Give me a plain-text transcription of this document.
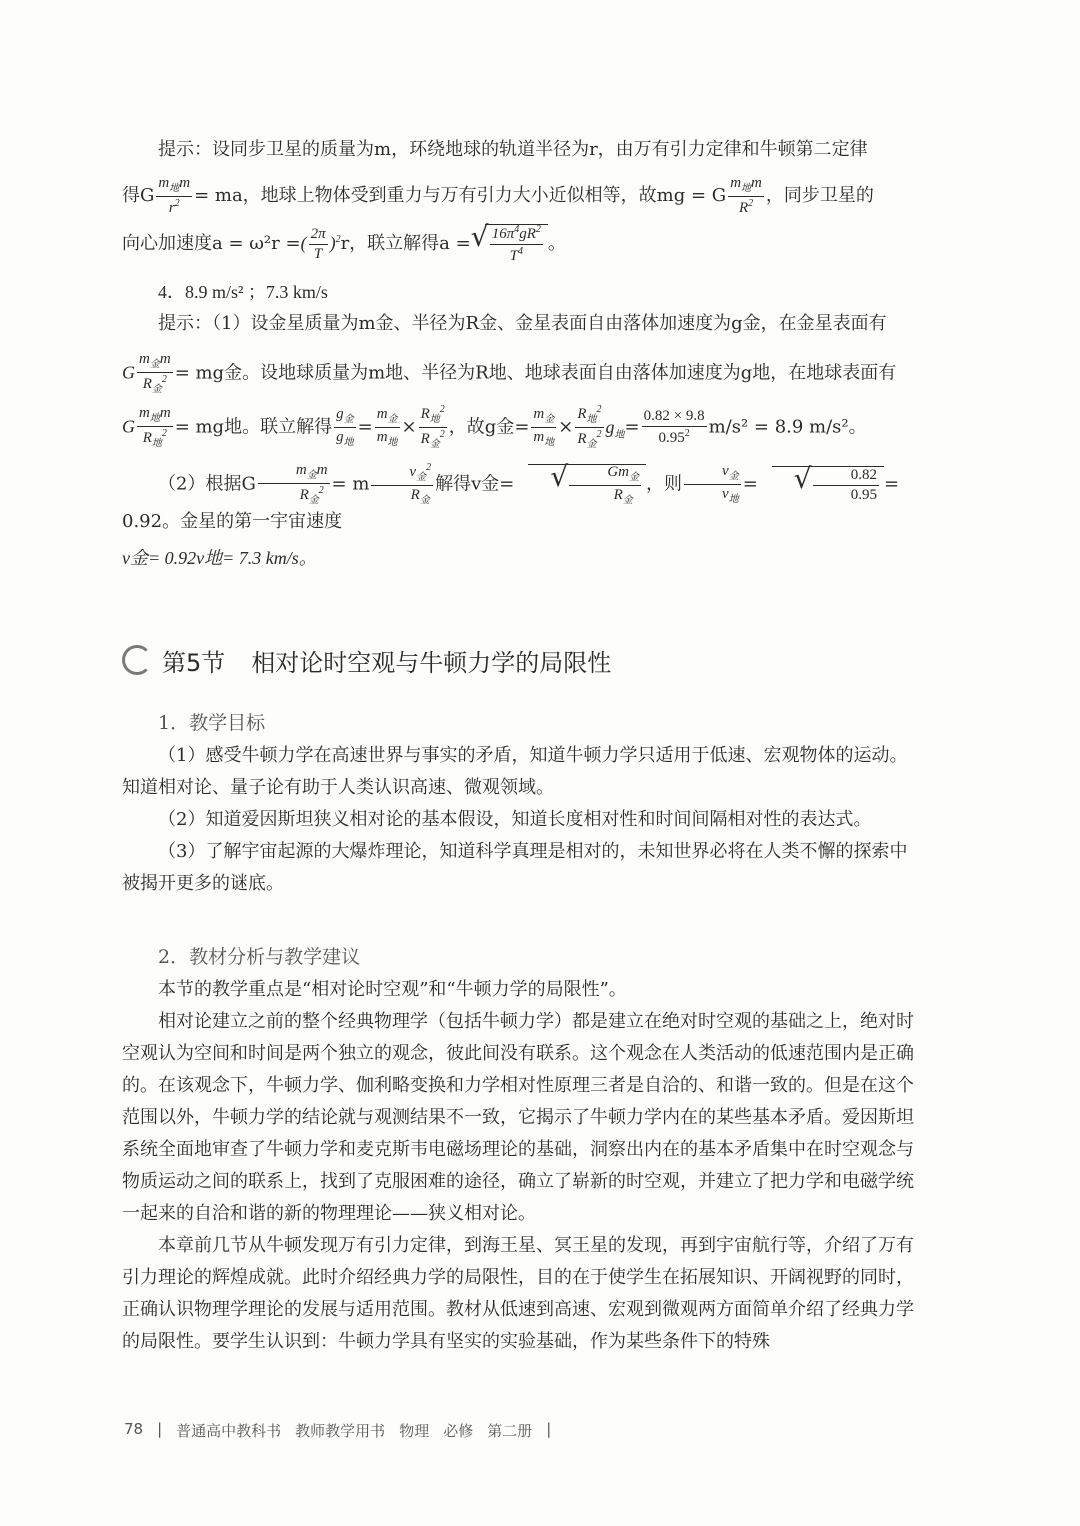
提示：设同步卫星的质量为m，环绕地球的轨道半径为r，由万有引力定律和牛顿第二定律

得G $\frac{m_地m}{r^2}$ = ma，地球上物体受到重力与万有引力大小近似相等，故mg = G $\frac{m_地m}{R^2}$ ，同步卫星的

向心加速度a = ω²r =( $\frac{2\pi}{T} )^2r$，联立解得a = √ $\frac{16\pi^4gR^2}{T^4}$ 。

4．8.9 m/s² ；7.3 km/s

提示：（1）设金星质量为m金、半径为R金、金星表面自由落体加速度为g金，在金星表面有

G $\frac{m_金m}{R_金^2}$ = mg金。设地球质量为m地、半径为R地、地球表面自由落体加速度为g地，在地球表面有

G $\frac{m_地m}{R_地^2}$ = mg地。联立解得 $\frac{g_金}{g_地} = \frac{m_金}{m_地} \times \frac{R_地^2}{R_金^2}$ ，故g金= $\frac{m_金}{m_地} \times \frac{R_地^2}{R_金^2} g_地= \frac{0.82 \times 9.8}{0.95^2} m/s^2 = 8.9$ m/s²。

（2）根据G $\frac{m_金m}{R_金^2} = m \frac{v_金^2}{R_金}$ 解得v金=	√ $\frac{Gm_金}{R_金}$ ，则 $\frac{v_金}{v_地}$ =	√ $\frac{0.82}{0.95} = 0.92$。金星的第一宇宙速度

v金= 0.92v地= 7.3 km/s。

第5节 相对论时空观与牛顿力学的局限性
1．教学目标

（1）感受牛顿力学在高速世界与事实的矛盾，知道牛顿力学只适用于低速、宏观物体的运动。知道相对论、量子论有助于人类认识高速、微观领域。

（2）知道爱因斯坦狭义相对论的基本假设，知道长度相对性和时间间隔相对性的表达式。

（3）了解宇宙起源的大爆炸理论，知道科学真理是相对的，未知世界必将在人类不懈的探索中被揭开更多的谜底。

2．教材分析与教学建议

本节的教学重点是“相对论时空观”和“牛顿力学的局限性”。

相对论建立之前的整个经典物理学（包括牛顿力学）都是建立在绝对时空观的基础之上，绝对时空观认为空间和时间是两个独立的观念，彼此间没有联系。这个观念在人类活动的低速范围内是正确的。在该观念下，牛顿力学、伽利略变换和力学相对性原理三者是自洽的、和谐一致的。但是在这个范围以外，牛顿力学的结论就与观测结果不一致，它揭示了牛顿力学内在的某些基本矛盾。爱因斯坦系统全面地审查了牛顿力学和麦克斯韦电磁场理论的基础，洞察出内在的基本矛盾集中在时空观念与物质运动之间的联系上，找到了克服困难的途径，确立了崭新的时空观，并建立了把力学和电磁学统一起来的自洽和谐的新的物理理论——狭义相对论。

本章前几节从牛顿发现万有引力定律，到海王星、冥王星的发现，再到宇宙航行等，介绍了万有引力理论的辉煌成就。此时介绍经典力学的局限性，目的在于使学生在拓展知识、开阔视野的同时，正确认识物理学理论的发展与适用范围。教材从低速到高速、宏观到微观两方面简单介绍了经典力学的局限性。要学生认识到：牛顿力学具有坚实的实验基础，作为某些条件下的特殊

78 | 普通高中教科书 教师教学用书 物理 必修 第二册 |
